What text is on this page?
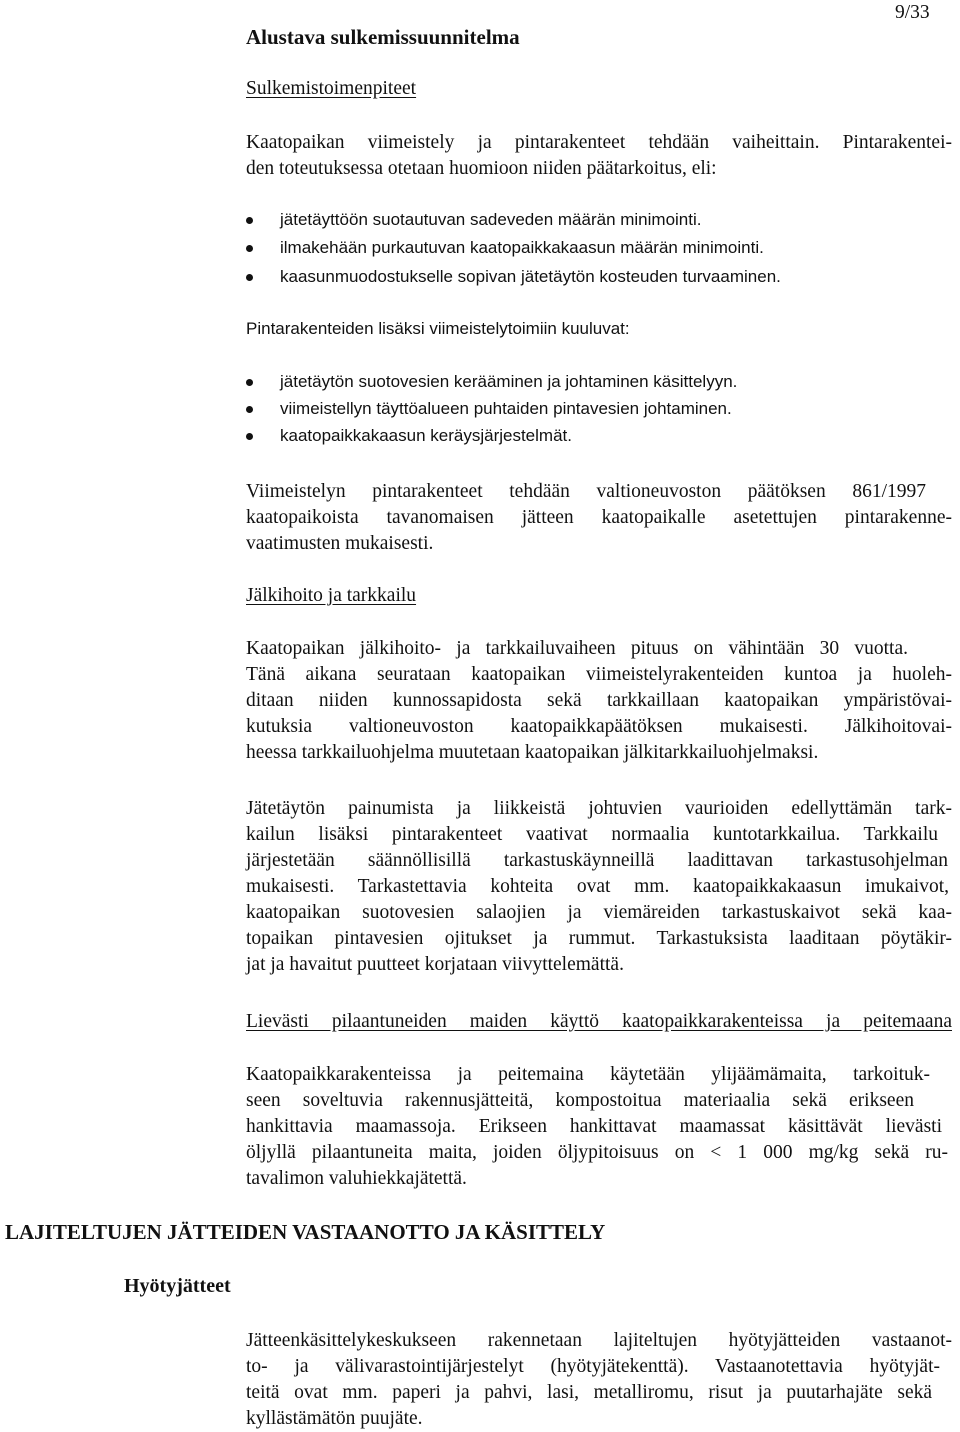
9/33
Alustava sulkemissuunnitelma
Sulkemistoimenpiteet
Kaatopaikan viimeistely ja pintarakenteet tehdään vaiheittain. Pintarakentei-
den toteutuksessa otetaan huomioon niiden päätarkoitus, eli:
jätetäyttöön suotautuvan sadeveden määrän minimointi.
ilmakehään purkautuvan kaatopaikkakaasun määrän minimointi.
kaasunmuodostukselle sopivan jätetäytön kosteuden turvaaminen.
Pintarakenteiden lisäksi viimeistelytoimiin kuuluvat:
jätetäytön suotovesien kerääminen ja johtaminen käsittelyyn.
viimeistellyn täyttöalueen puhtaiden pintavesien johtaminen.
kaatopaikkakaasun keräysjärjestelmät.
Viimeistelyn pintarakenteet tehdään valtioneuvoston päätöksen 861/1997
kaatopaikoista tavanomaisen jätteen kaatopaikalle asetettujen pintarakenne-
vaatimusten mukaisesti.
Jälkihoito ja tarkkailu
Kaatopaikan jälkihoito- ja tarkkailuvaiheen pituus on vähintään 30 vuotta.
Tänä aikana seurataan kaatopaikan viimeistelyrakenteiden kuntoa ja huoleh-
ditaan niiden kunnossapidosta sekä tarkkaillaan kaatopaikan ympäristövai-
kutuksia valtioneuvoston kaatopaikkapäätöksen mukaisesti. Jälkihoitovai-
heessa tarkkailuohjelma muutetaan kaatopaikan jälkitarkkailuohjelmaksi.
Jätetäytön painumista ja liikkeistä johtuvien vaurioiden edellyttämän tark-
kailun lisäksi pintarakenteet vaativat normaalia kuntotarkkailua. Tarkkailu
järjestetään säännöllisillä tarkastuskäynneillä laadittavan tarkastusohjelman
mukaisesti. Tarkastettavia kohteita ovat mm. kaatopaikkakaasun imukaivot,
kaatopaikan suotovesien salaojien ja viemäreiden tarkastuskaivot sekä kaa-
topaikan pintavesien ojitukset ja rummut. Tarkastuksista laaditaan pöytäkir-
jat ja havaitut puutteet korjataan viivyttelemättä.
Lievästi pilaantuneiden maiden käyttö kaatopaikkarakenteissa ja peitemaana
Kaatopaikkarakenteissa ja peitemaina käytetään ylijäämämaita, tarkoituk-
seen soveltuvia rakennusjätteitä, kompostoitua materiaalia sekä erikseen
hankittavia maamassoja. Erikseen hankittavat maamassat käsittävät lievästi
öljyllä pilaantuneita maita, joiden öljypitoisuus on < 1 000 mg/kg sekä ru-
tavalimon valuhiekkajätettä.
LAJITELTUJEN JÄTTEIDEN VASTAANOTTO JA KÄSITTELY
Hyötyjätteet
Jätteenkäsittelykeskukseen rakennetaan lajiteltujen hyötyjätteiden vastaanot-
to- ja välivarastointijärjestelyt (hyötyjätekenttä). Vastaanotettavia hyötyjät-
teitä ovat mm. paperi ja pahvi, lasi, metalliromu, risut ja puutarhajäte sekä
kyllästämätön puujäte.
